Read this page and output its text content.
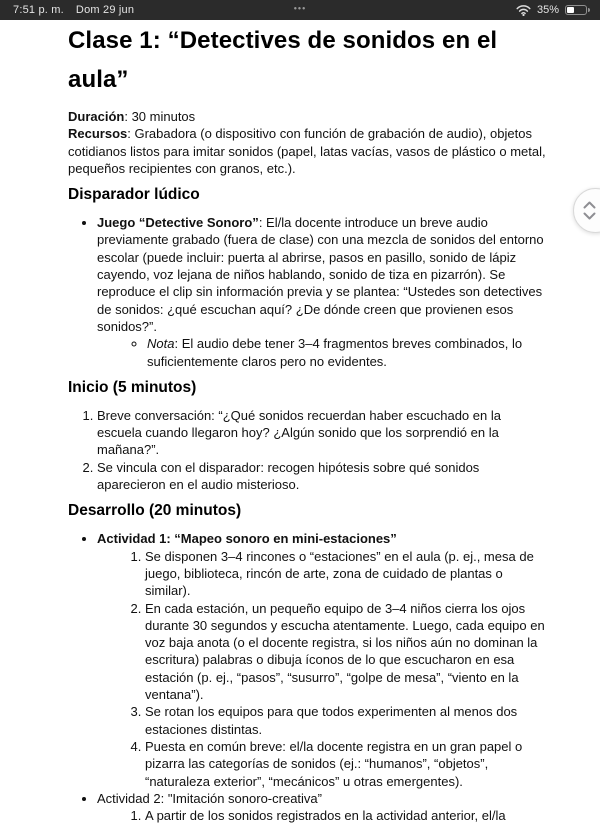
7:51 p. m. Dom 29 jun	•••	35%
Clase 1: “Detectives de sonidos en el aula”

Duración: 30 minutos

Recursos: Grabadora (o dispositivo con función de grabación de audio), objetos cotidianos listos para imitar sonidos (papel, latas vacías, vasos de plástico o metal, pequeños recipientes con granos, etc.).

Disparador lúdico
• Juego “Detective Sonoro”: El/la docente introduce un breve audio previamente grabado (fuera de clase) con una mezcla de sonidos del entorno escolar (puede incluir: puerta al abrirse, pasos en pasillo, sonido de lápiz cayendo, voz lejana de niños hablando, sonido de tiza en pizarrón). Se reproduce el clip sin información previa y se plantea: “Ustedes son detectives de sonidos: ¿qué escuchan aquí? ¿De dónde creen que provienen esos sonidos?”.
◦ Nota: El audio debe tener 3–4 fragmentos breves combinados, lo suficientemente claros pero no evidentes.
Inicio (5 minutos)
1. Breve conversación: “¿Qué sonidos recuerdan haber escuchado en la escuela cuando llegaron hoy? ¿Algún sonido que los sorprendió en la mañana?”.
2. Se vincula con el disparador: recogen hipótesis sobre qué sonidos aparecieron en el audio misterioso.
Desarrollo (20 minutos)
• Actividad 1: “Mapeo sonoro en mini-estaciones”
1. Se disponen 3–4 rincones o “estaciones” en el aula (p. ej., mesa de juego, biblioteca, rincón de arte, zona de cuidado de plantas o similar).
2. En cada estación, un pequeño equipo de 3–4 niños cierra los ojos durante 30 segundos y escucha atentamente. Luego, cada equipo en voz baja anota (o el docente registra, si los niños aún no dominan la escritura) palabras o dibuja íconos de lo que escucharon en esa estación (p. ej., “pasos”, “susurro”, “golpe de mesa”, “viento en la ventana”).
3. Se rotan los equipos para que todos experimenten al menos dos estaciones distintas.
4. Puesta en común breve: el/la docente registra en un gran papel o pizarra las categorías de sonidos (ej.: “humanos”, “objetos”, “naturaleza exterior”, “mecánicos” u otras emergentes).
• Actividad 2: "Imitación sonoro-creativa”
1. A partir de los sonidos registrados en la actividad anterior, el/la
